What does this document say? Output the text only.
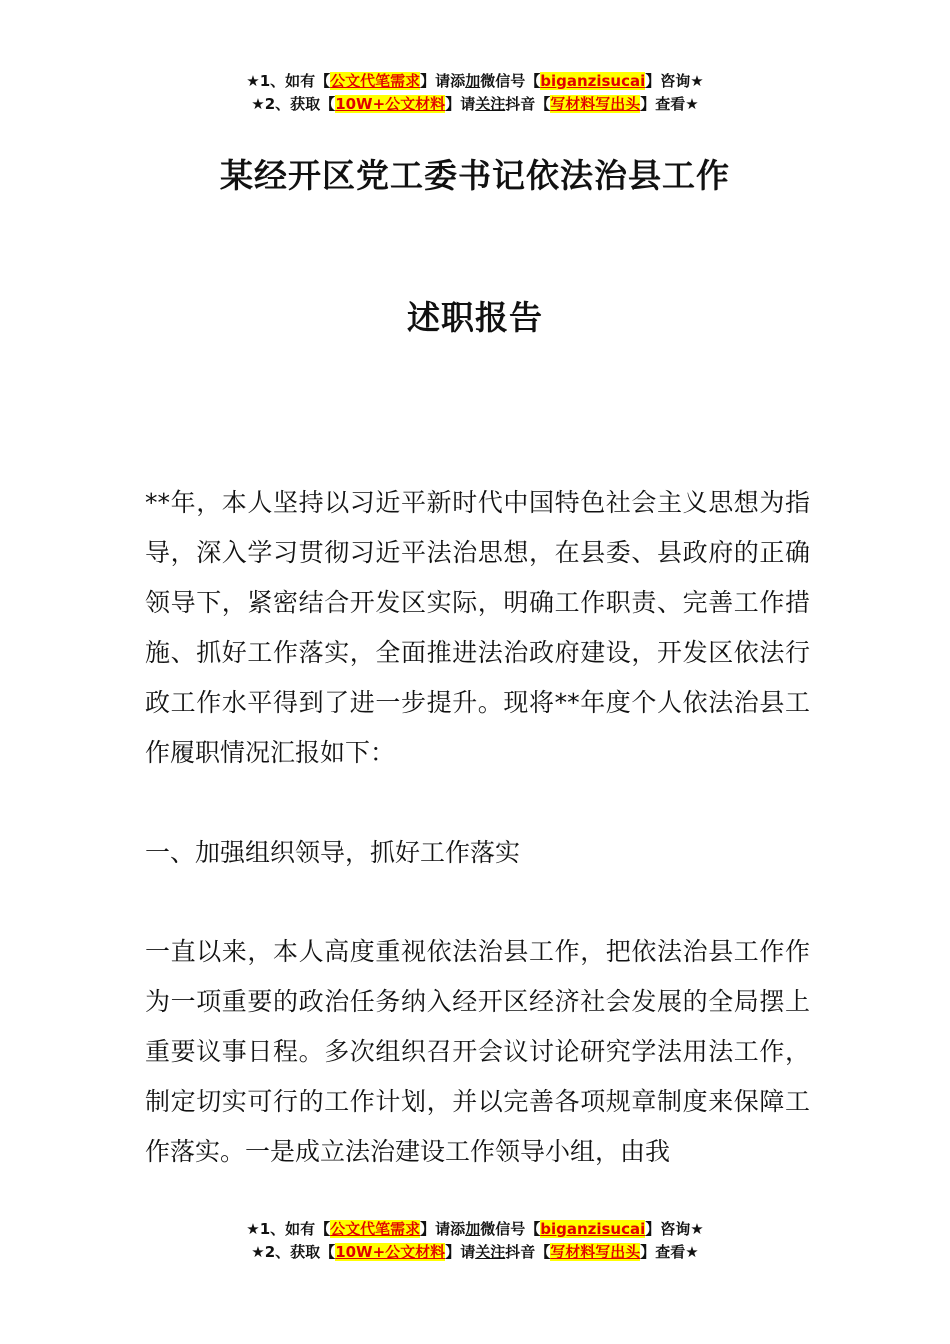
★1、如有【公文代笔需求】请添加微信号【biganzisucai】咨询★
★2、获取【10W+公文材料】请关注抖音【写材料写出头】查看★
某经开区党工委书记依法治县工作
述职报告

**年，本人坚持以习近平新时代中国特色社会主义思想为指导，深入学习贯彻习近平法治思想，在县委、县政府的正确领导下，紧密结合开发区实际，明确工作职责、完善工作措施、抓好工作落实，全面推进法治政府建设，开发区依法行政工作水平得到了进一步提升。现将**年度个人依法治县工作履职情况汇报如下：

一、加强组织领导，抓好工作落实

一直以来，本人高度重视依法治县工作，把依法治县工作作为一项重要的政治任务纳入经开区经济社会发展的全局摆上重要议事日程。多次组织召开会议讨论研究学法用法工作，制定切实可行的工作计划，并以完善各项规章制度来保障工作落实。一是成立法治建设工作领导小组，由我

★1、如有【公文代笔需求】请添加微信号【biganzisucai】咨询★
★2、获取【10W+公文材料】请关注抖音【写材料写出头】查看★
